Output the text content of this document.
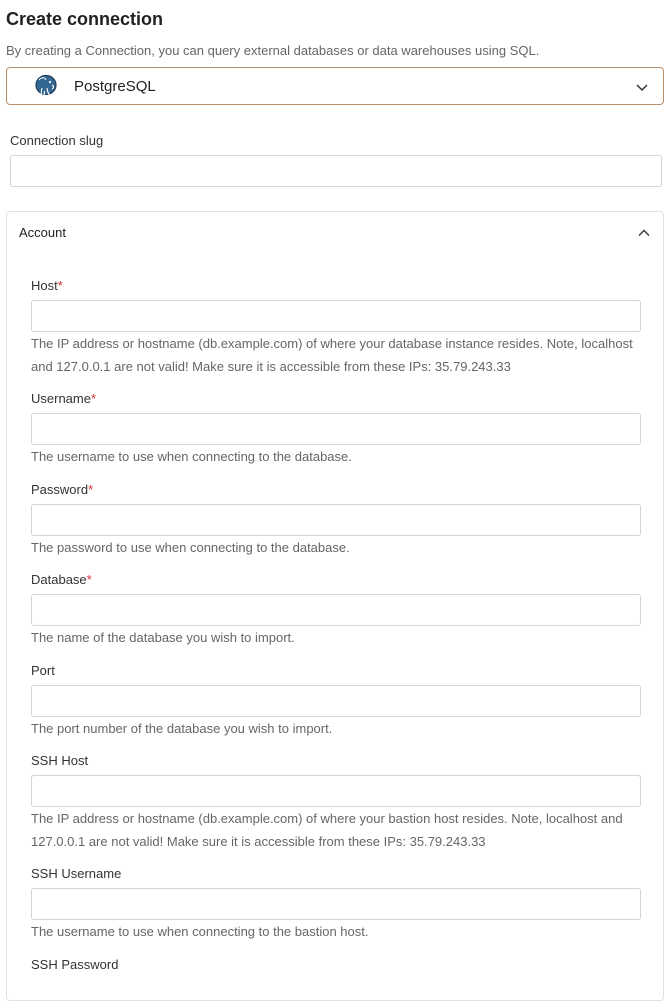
Create connection
By creating a Connection, you can query external databases or data warehouses using SQL.
PostgreSQL
Connection slug
Account
Host*
The IP address or hostname (db.example.com) of where your database instance resides. Note, localhost and 127.0.0.1 are not valid! Make sure it is accessible from these IPs: 35.79.243.33
Username*
The username to use when connecting to the database.
Password*
The password to use when connecting to the database.
Database*
The name of the database you wish to import.
Port
The port number of the database you wish to import.
SSH Host
The IP address or hostname (db.example.com) of where your bastion host resides. Note, localhost and 127.0.0.1 are not valid! Make sure it is accessible from these IPs: 35.79.243.33
SSH Username
The username to use when connecting to the bastion host.
SSH Password
